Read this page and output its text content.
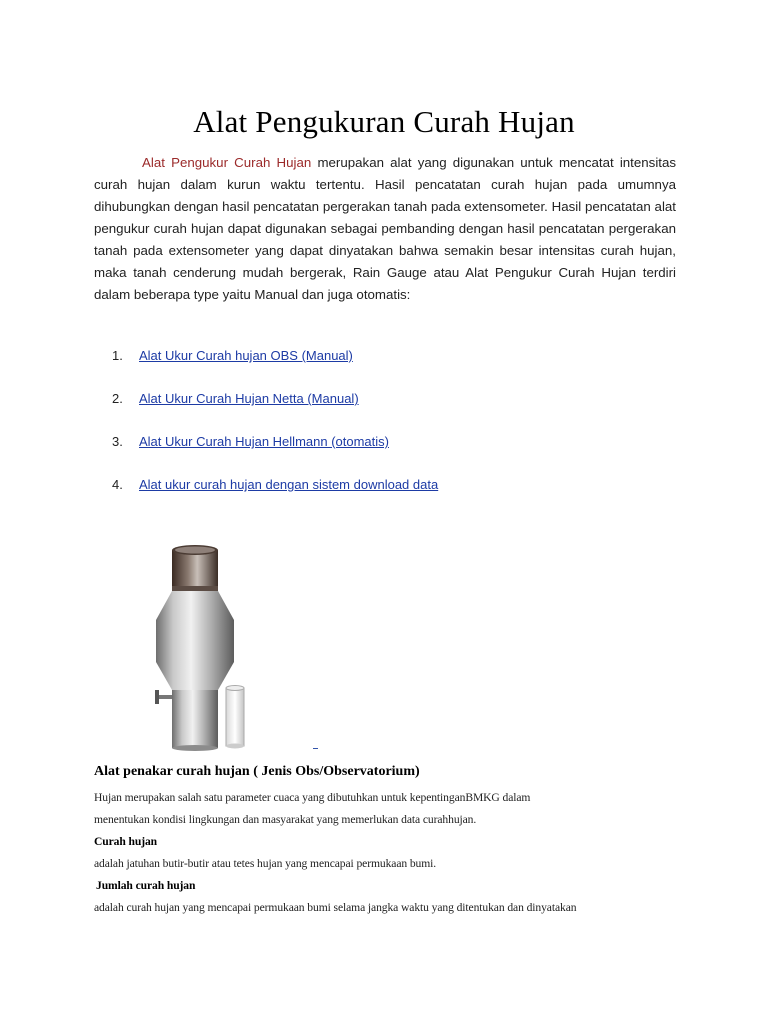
Alat Pengukuran Curah Hujan
Alat Pengukur Curah Hujan merupakan alat yang digunakan untuk mencatat intensitas curah hujan dalam kurun waktu tertentu. Hasil pencatatan curah hujan pada umumnya dihubungkan dengan hasil pencatatan pergerakan tanah pada extensometer. Hasil pencatatan alat pengukur curah hujan dapat digunakan sebagai pembanding dengan hasil pencatatan pergerakan tanah pada extensometer yang dapat dinyatakan bahwa semakin besar intensitas curah hujan, maka tanah cenderung mudah bergerak, Rain Gauge atau Alat Pengukur Curah Hujan terdiri dalam beberapa type yaitu Manual dan juga otomatis:
1.	Alat Ukur Curah hujan OBS (Manual)
2.	Alat Ukur Curah Hujan Netta (Manual)
3.	Alat Ukur Curah Hujan Hellmann (otomatis)
4.	Alat ukur curah hujan dengan sistem download data
Alat penakar curah hujan ( Jenis Obs/Observatorium)
Hujan merupakan salah satu parameter cuaca yang dibutuhkan untuk kepentinganBMKG dalam
menentukan kondisi lingkungan dan masyarakat yang memerlukan data curahhujan.
Curah hujan
adalah jatuhan butir-butir atau tetes hujan yang mencapai permukaan bumi.
Jumlah curah hujan
adalah curah hujan yang mencapai permukaan bumi selama jangka waktu yang ditentukan dan dinyatakan
